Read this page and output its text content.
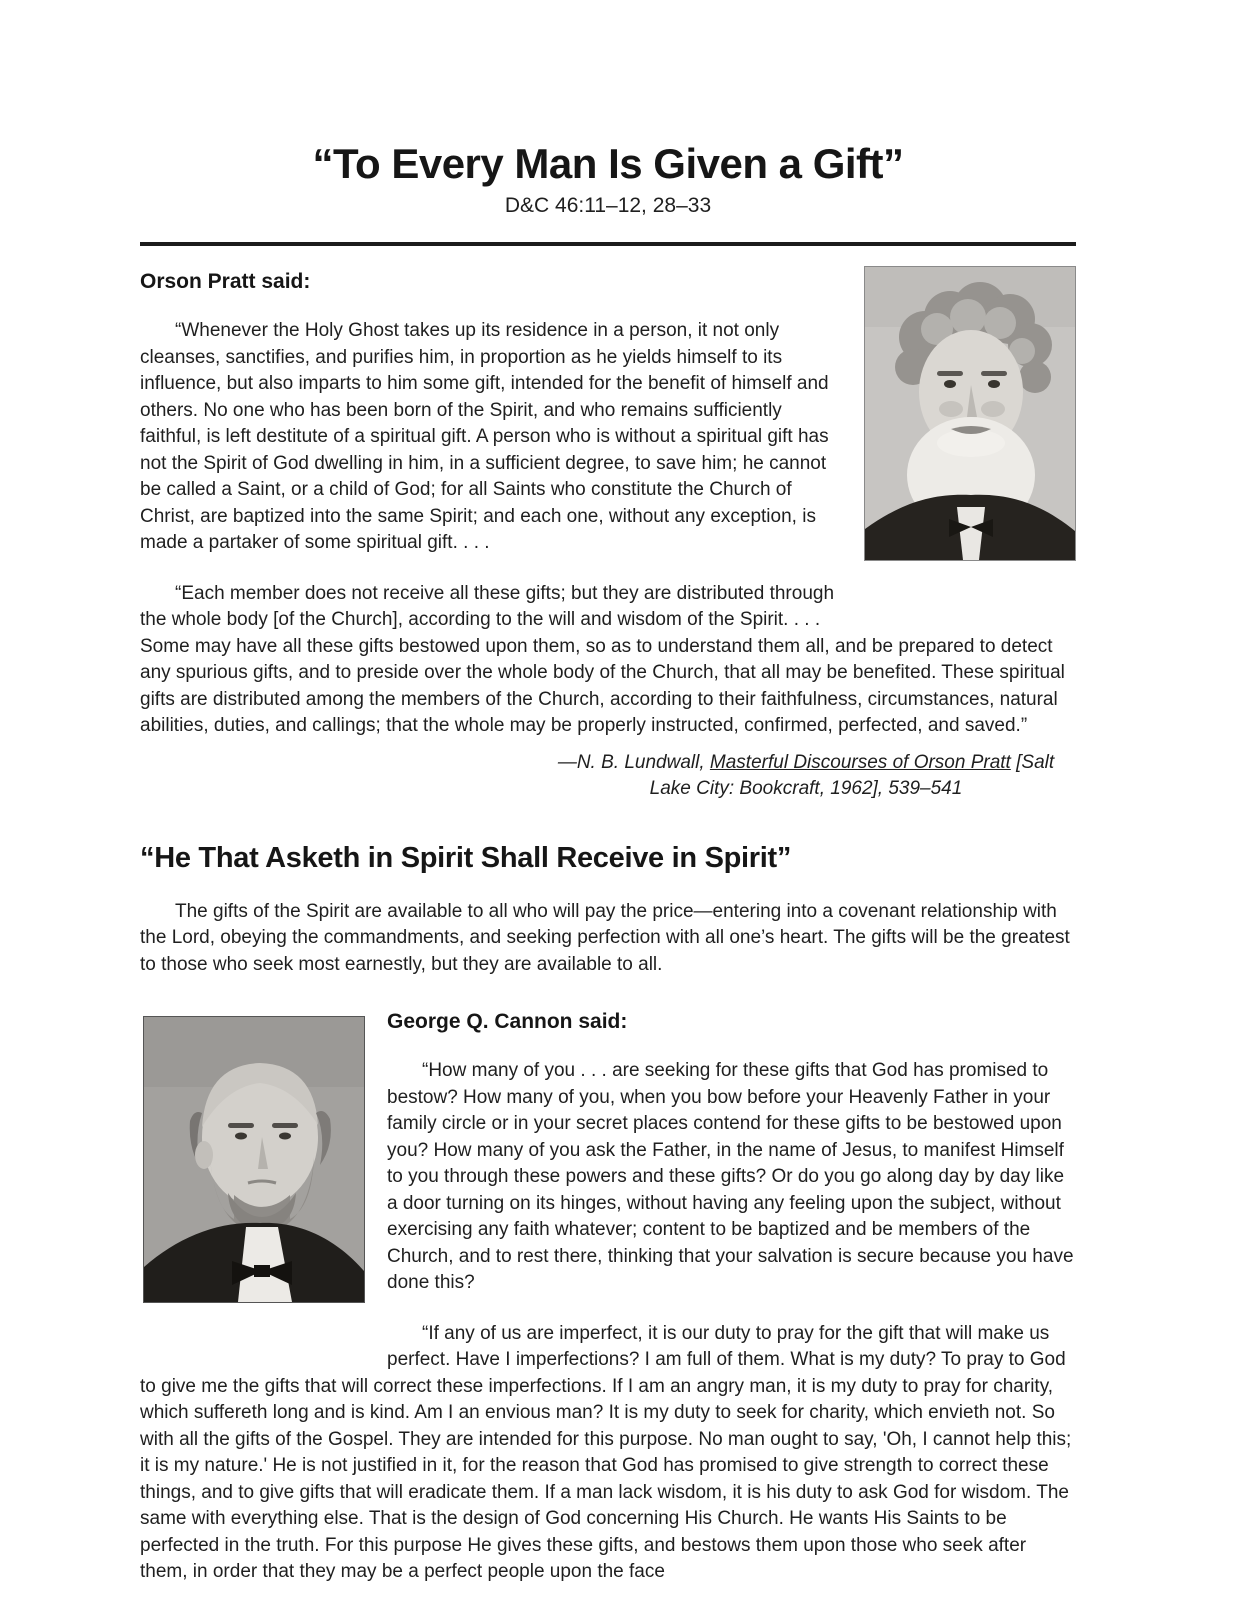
“To Every Man Is Given a Gift”
D&C 46:11–12, 28–33
Orson Pratt said:

“Whenever the Holy Ghost takes up its residence in a person, it not only cleanses, sanctifies, and purifies him, in proportion as he yields himself to its influence, but also imparts to him some gift, intended for the benefit of himself and others. No one who has been born of the Spirit, and who remains sufficiently faithful, is left destitute of a spiritual gift. A person who is without a spiritual gift has not the Spirit of God dwelling in him, in a sufficient degree, to save him; he cannot be called a Saint, or a child of God; for all Saints who constitute the Church of Christ, are baptized into the same Spirit; and each one, without any exception, is made a partaker of some spiritual gift. . . .

“Each member does not receive all these gifts; but they are distributed through the whole body [of the Church], according to the will and wisdom of the Spirit. . . . Some may have all these gifts bestowed upon them, so as to understand them all, and be prepared to detect any spurious gifts, and to preside over the whole body of the Church, that all may be benefited. These spiritual gifts are distributed among the members of the Church, according to their faithfulness, circumstances, natural abilities, duties, and callings; that the whole may be properly instructed, confirmed, perfected, and saved.”

—N. B. Lundwall, Masterful Discourses of Orson Pratt [Salt Lake City: Bookcraft, 1962], 539–541
“He That Asketh in Spirit Shall Receive in Spirit”

The gifts of the Spirit are available to all who will pay the price—entering into a covenant relationship with the Lord, obeying the commandments, and seeking perfection with all one’s heart. The gifts will be the greatest to those who seek most earnestly, but they are available to all.

George Q. Cannon said:

“How many of you . . . are seeking for these gifts that God has promised to bestow? How many of you, when you bow before your Heavenly Father in your family circle or in your secret places contend for these gifts to be bestowed upon you? How many of you ask the Father, in the name of Jesus, to manifest Himself to you through these powers and these gifts? Or do you go along day by day like a door turning on its hinges, without having any feeling upon the subject, without exercising any faith whatever; content to be baptized and be members of the Church, and to rest there, thinking that your salvation is secure because you have done this?

“If any of us are imperfect, it is our duty to pray for the gift that will make us perfect. Have I imperfections? I am full of them. What is my duty? To pray to God to give me the gifts that will correct these imperfections. If I am an angry man, it is my duty to pray for charity, which suffereth long and is kind. Am I an envious man? It is my duty to seek for charity, which envieth not. So with all the gifts of the Gospel. They are intended for this purpose. No man ought to say, 'Oh, I cannot help this; it is my nature.' He is not justified in it, for the reason that God has promised to give strength to correct these things, and to give gifts that will eradicate them. If a man lack wisdom, it is his duty to ask God for wisdom. The same with everything else. That is the design of God concerning His Church. He wants His Saints to be perfected in the truth. For this purpose He gives these gifts, and bestows them upon those who seek after them, in order that they may be a perfect people upon the face
